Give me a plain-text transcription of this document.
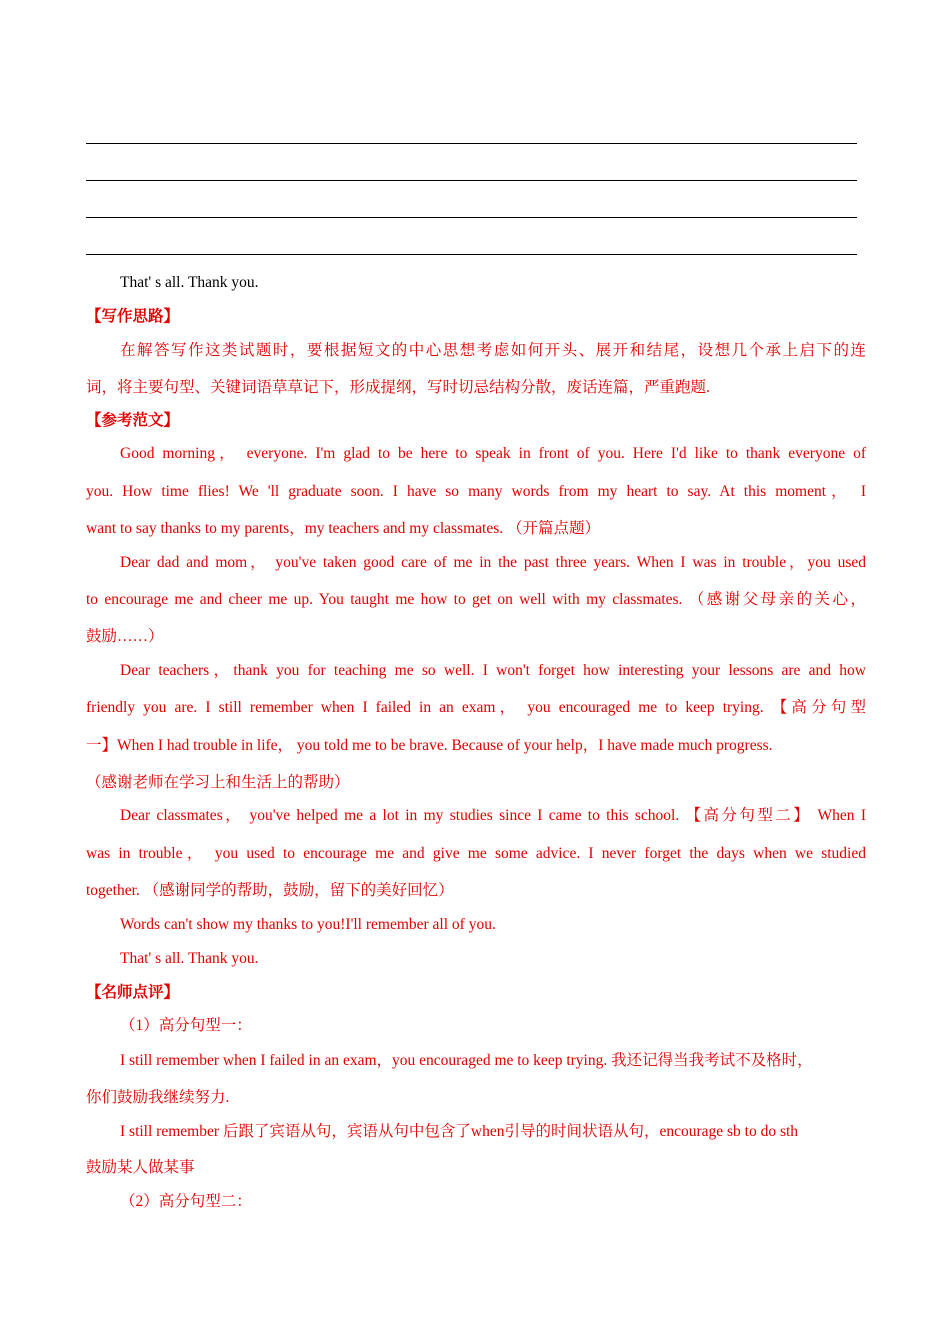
That' s all. Thank you.
【写作思路】
在解答写作这类试题时，要根据短文的中心思想考虑如何开头、展开和结尾，设想几个承上启下的连
词，将主要句型、关键词语草草记下，形成提纲，写时切忌结构分散，废话连篇，严重跑题.
【参考范文】
Good morning， everyone. I'm glad to be here to speak in front of you. Here I'd like to thank everyone of
you. How time flies! We 'll graduate soon. I have so many words from my heart to say. At this moment， I
want to say thanks to my parents，my teachers and my classmates. （开篇点题）
Dear dad and mom， you've taken good care of me in the past three years. When I was in trouble，you used
to encourage me and cheer me up. You taught me how to get on well with my classmates. （感谢父母亲的关心，
鼓励……）
Dear teachers，thank you for teaching me so well. I won't forget how interesting your lessons are and how
friendly you are. I still remember when I failed in an exam， you encouraged me to keep trying. 【高分句型
一】When I had trouble in life， you told me to be brave. Because of your help，I have made much progress.
（感谢老师在学习上和生活上的帮助）
Dear classmates， you've helped me a lot in my studies since I came to this school. 【高分句型二】 When I
was in trouble， you used to encourage me and give me some advice. I never forget the days when we studied
together. （感谢同学的帮助，鼓励，留下的美好回忆）
Words can't show my thanks to you!I'll remember all of you.
That' s all. Thank you.
【名师点评】
（1）高分句型一：
I still remember when I failed in an exam，you encouraged me to keep trying. 我还记得当我考试不及格时，
你们鼓励我继续努力.
I still remember 后跟了宾语从句，宾语从句中包含了when引导的时间状语从句，encourage sb to do sth
鼓励某人做某事
（2）高分句型二：
